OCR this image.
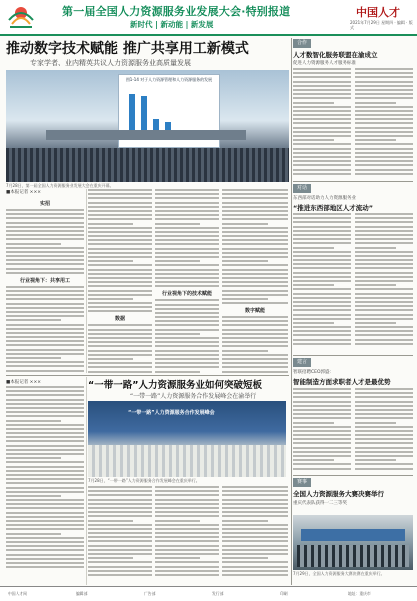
第一届全国人力资源服务业发展大会·特别报道
新时代 | 新动能 | 新发展
中国人才
2021年7月29日 星期四 · 编辑 · 版式
推动数字技术赋能 推广共享用工新模式
专家学者、业内精英共议人力资源服务业高质量发展
图1-14 对于人力资源管理和人力资源服务的发展
7月28日，第一届全国人力资源服务业发展大会在重庆开幕。
■本报记者 ×××
实招
行业视角下：共享用工
数据
行业视角下的技术赋能
数字赋能
■本报记者 ×××	“一带一路”人力资源服务业如何突破短板
“一带一路”人力资源服务合作发展峰会在渝举行
“一带一路”人力资源服务合作发展峰会
7月28日，“一带一路”人力资源服务合作发展峰会在重庆举行。
合作
人才数智化服务联盟在渝成立
促进人力资源服务人才服务标准
对话
东西部对话助力人力资源服务业
“推进东西部地区人才流动”
建言
智联招聘CEO郭盛：
智能制造方面求职者人才是最优势
赛事
全国人力资源服务大赛决赛举行
重庆代表队获得一二三等奖
7月29日，全国人力资源服务大赛决赛在重庆举行。
中国人才网	编辑部	广告部	发行部	印刷	地址：重庆市
